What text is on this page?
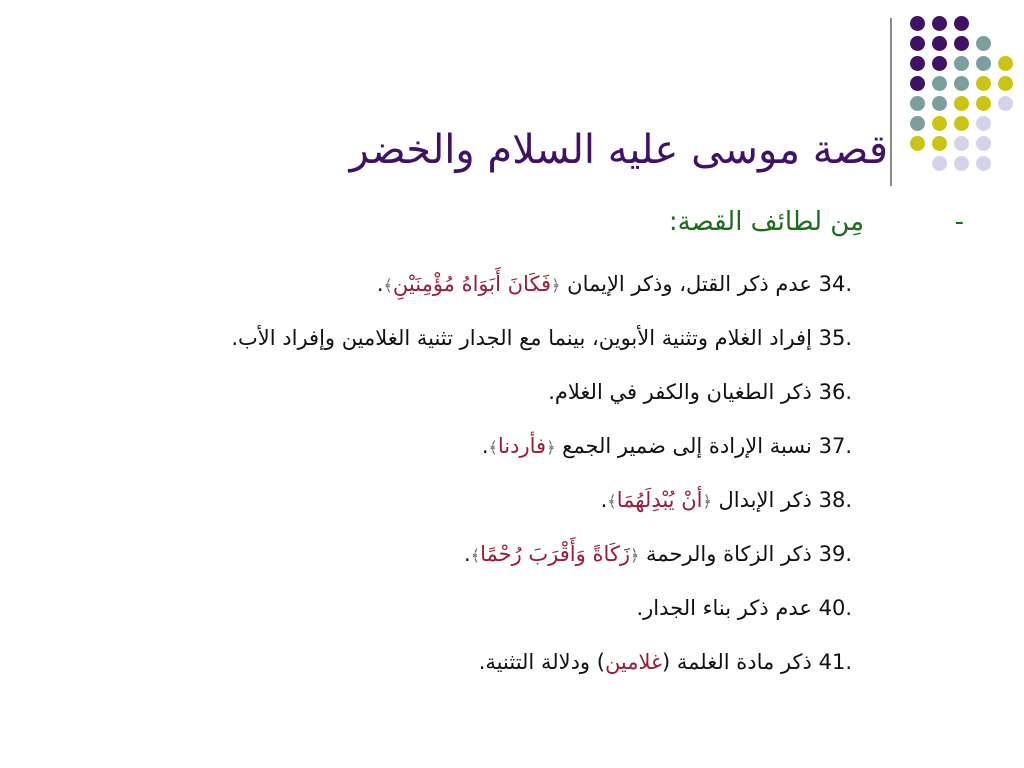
قصة موسى عليه السلام والخضر
-
مِن لطائف القصة:
34. عدم ذكر القتل، وذكر الإيمان ﴿فَكَانَ أَبَوَاهُ مُؤْمِنَيْنِ﴾.
35. إفراد الغلام وتثنية الأبوين، بينما مع الجدار تثنية الغلامين وإفراد الأب.
36. ذكر الطغيان والكفر في الغلام.
37. نسبة الإرادة إلى ضمير الجمع ﴿فأردنا﴾.
38. ذكر الإبدال ﴿أنْ يُبْدِلَهُمَا﴾.
39. ذكر الزكاة والرحمة ﴿زَكَاةً وَأَقْرَبَ رُحْمًا﴾.
40. عدم ذكر بناء الجدار.
41. ذكر مادة الغلمة (غلامين) ودلالة التثنية.
